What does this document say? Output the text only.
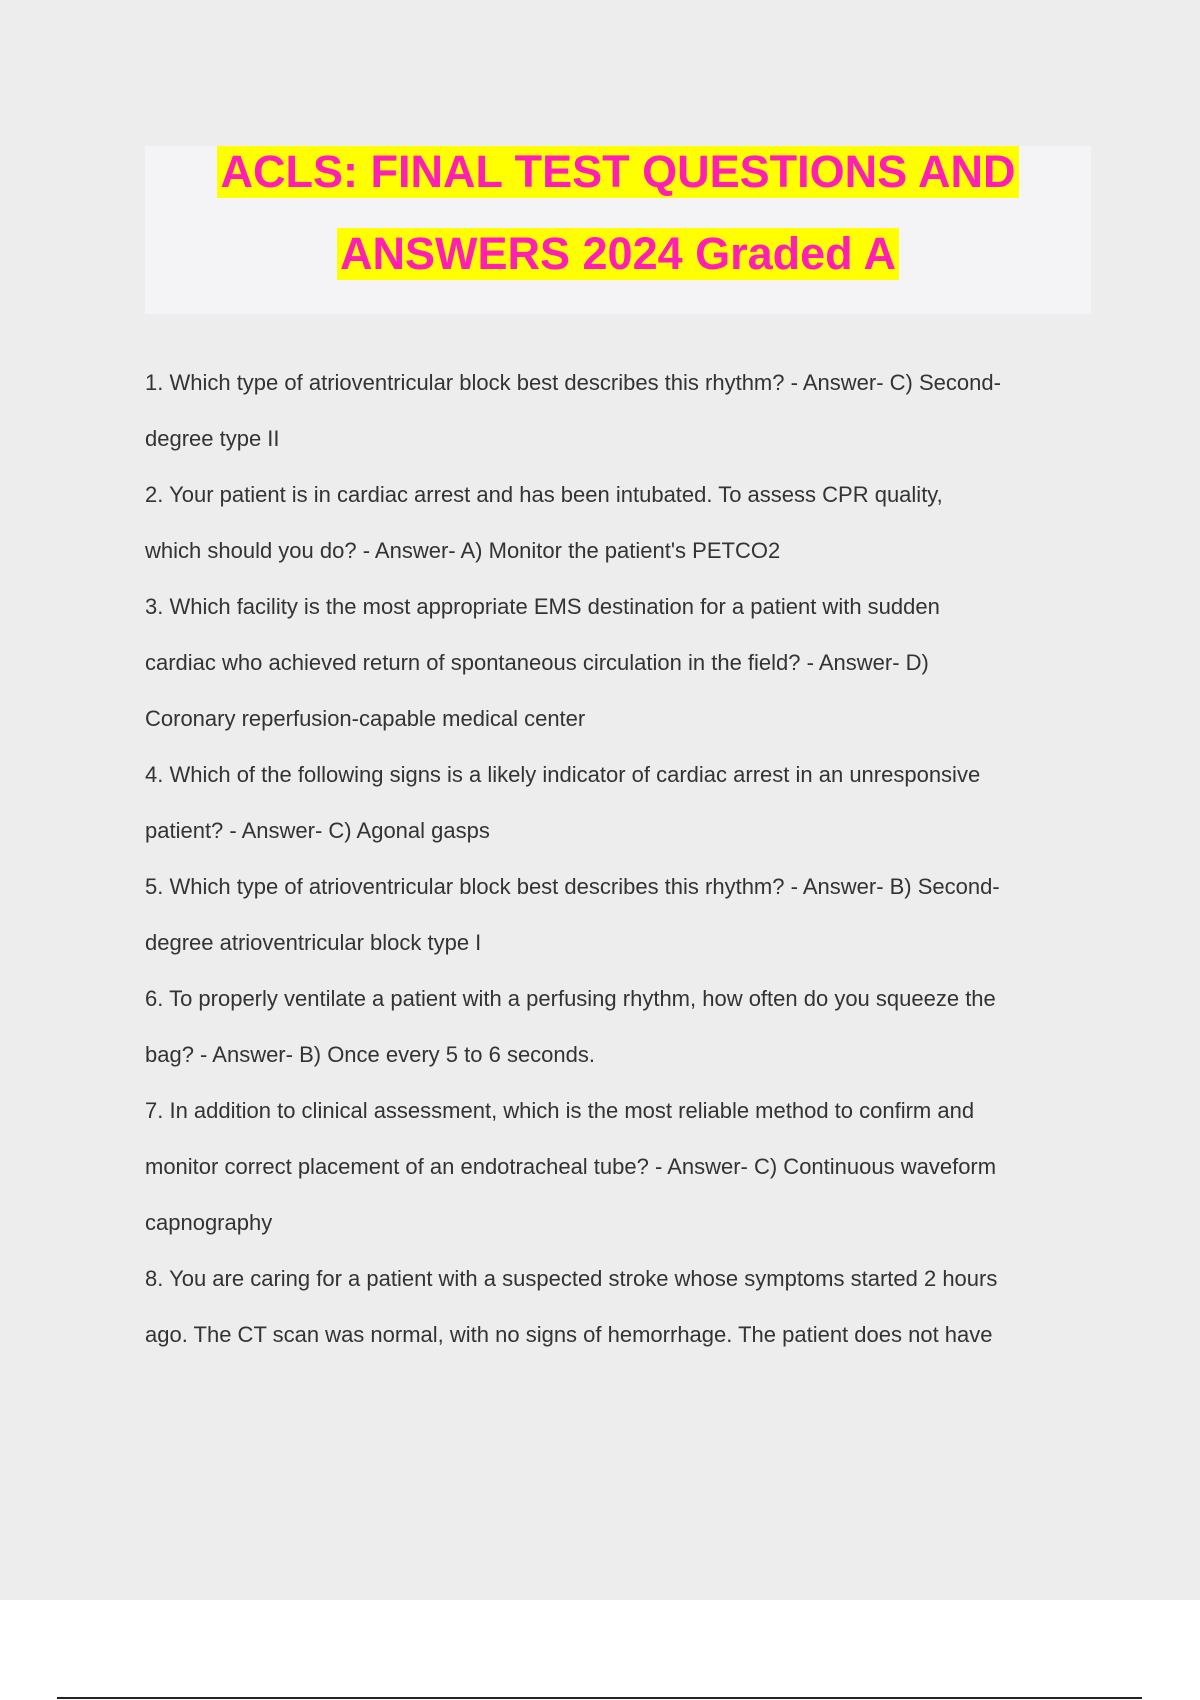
ACLS: FINAL TEST QUESTIONS AND
ANSWERS 2024 Graded A

1. Which type of atrioventricular block best describes this rhythm? - Answer- C) Second-

degree type II

2. Your patient is in cardiac arrest and has been intubated. To assess CPR quality,

which should you do? - Answer- A) Monitor the patient's PETCO2

3. Which facility is the most appropriate EMS destination for a patient with sudden

cardiac who achieved return of spontaneous circulation in the field? - Answer- D)

Coronary reperfusion-capable medical center

4. Which of the following signs is a likely indicator of cardiac arrest in an unresponsive

patient? - Answer- C) Agonal gasps

5. Which type of atrioventricular block best describes this rhythm? - Answer- B) Second-

degree atrioventricular block type I

6. To properly ventilate a patient with a perfusing rhythm, how often do you squeeze the

bag? - Answer- B) Once every 5 to 6 seconds.

7. In addition to clinical assessment, which is the most reliable method to confirm and

monitor correct placement of an endotracheal tube? - Answer- C) Continuous waveform

capnography

8. You are caring for a patient with a suspected stroke whose symptoms started 2 hours

ago. The CT scan was normal, with no signs of hemorrhage. The patient does not have
